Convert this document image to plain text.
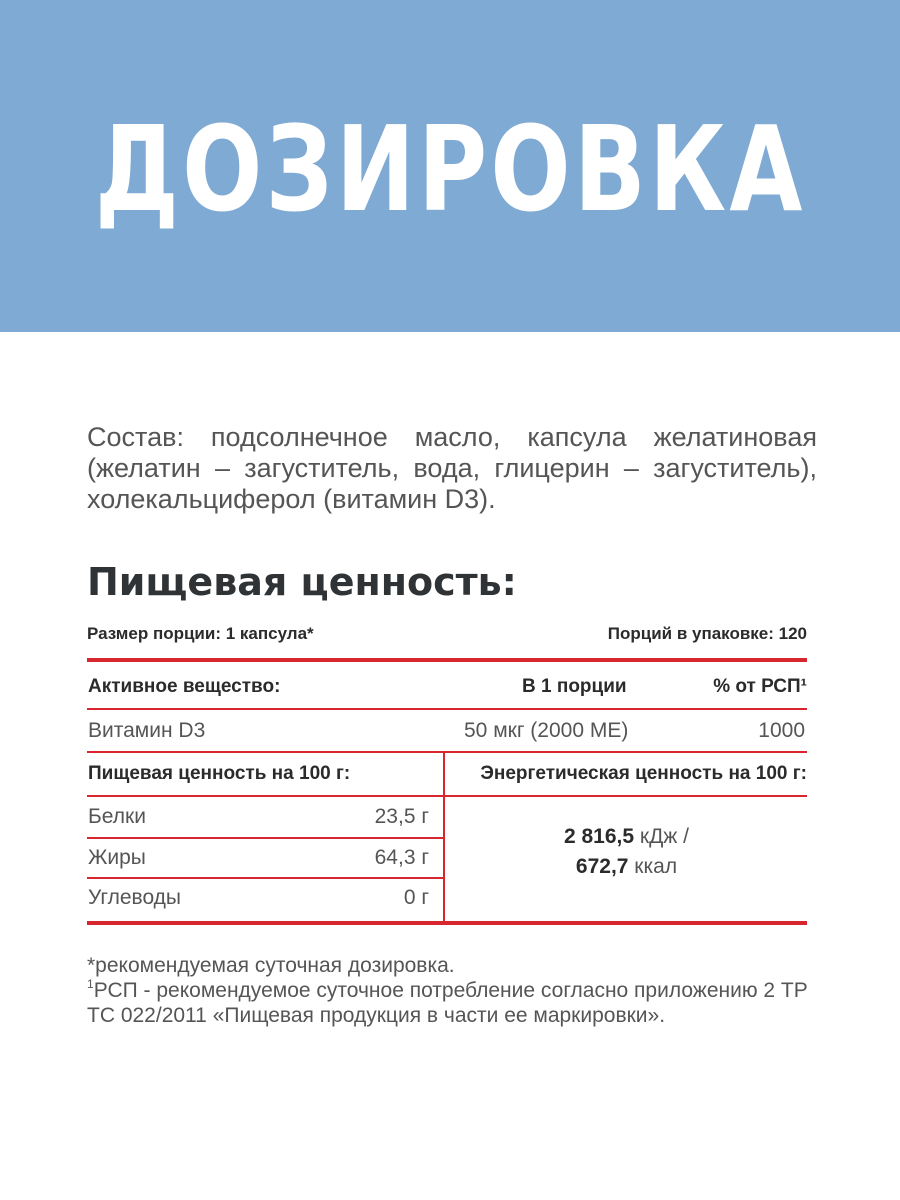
ДОЗИРОВКА
Состав: подсолнечное масло, капсула желатиновая (желатин – загуститель, вода, глицерин – загуститель), холекальциферол (витамин D3).
Пищевая ценность:
Размер порции: 1 капсула*	Порций в упаковке: 120
Активное вещество:	В 1 порции	% от РСП¹
Витамин D3	50 мкг (2000 МЕ)	1000
Пищевая ценность на 100 г:	Энергетическая ценность на 100 г:
Белки	23,5 г
Жиры	64,3 г
Углеводы	0 г
2 816,5 кДж /
672,7 ккал
*рекомендуемая суточная дозировка.
$^1$РСП - рекомендуемое суточное потребление согласно приложению 2 ТР ТС 022/2011 «Пищевая продукция в части ее маркировки».
